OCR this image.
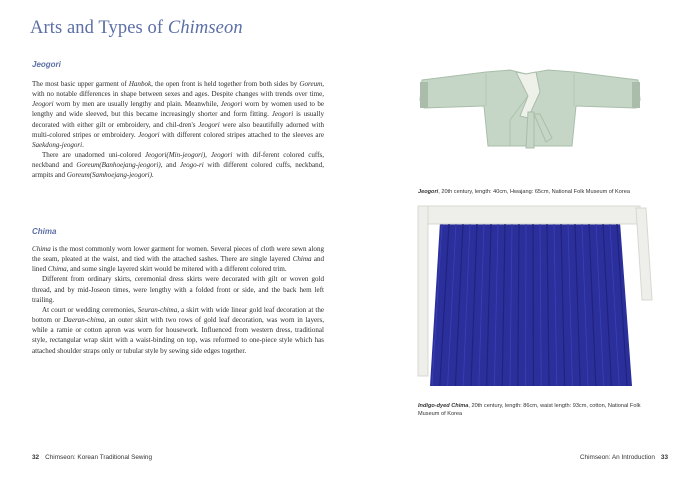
Arts and Types of Chimseon
Jeogori

The most basic upper garment of Hanbok, the open front is held together from both sides by Goreum, with no notable differences in shape between sexes and ages. Despite changes with trends over time, Jeogori worn by men are usually lengthy and plain. Meanwhile, Jeogori worn by women used to be lengthy and wide sleeved, but this became increasingly shorter and form fitting. Jeogori is usually decorated with either gilt or embroidery, and chil-dren's Jeogori were also beautifully adorned with multi-colored stripes or embroidery. Jeogori with different colored stripes attached to the sleeves are Saekdong-jeogori.

There are unadorned uni-colored Jeogori(Min-jeogori), Jeogori with dif-ferent colored cuffs, neckband and Goreum(Banhoejang-jeogori), and Jeogo-ri with different colored cuffs, neckband, armpits and Goreum(Samhoejang-jeogori).

Chima

Chima is the most commonly worn lower garment for women. Several pieces of cloth were sewn along the seam, pleated at the waist, and tied with the attached sashes. There are single layered Chima and lined Chima, and some single layered skirt would be mitered with a different colored trim.

Different from ordinary skirts, ceremonial dress skirts were decorated with gilt or woven gold thread, and by mid-Joseon times, were lengthy with a folded front or side, and the back hem left trailing.

At court or wedding ceremonies, Seuran-chima, a skirt with wide linear gold leaf decoration at the bottom or Daeran-chima, an outer skirt with two rows of gold leaf decoration, was worn in layers, while a ramie or cotton apron was worn for housework. Influenced from western dress, traditional style, rectangular wrap skirt with a waist-binding on top, was reformed to one-piece style which has attached shoulder straps only or tubular style by sewing side edges together.

32 Chimseon: Korean Traditional Sewing
Jeogori, 20th century, length: 40cm, Hwajang: 65cm, National Folk Museum of Korea
Indigo-dyed Chima, 20th century, length: 86cm, waist length: 93cm, cotton, National Folk Museum of Korea
Chimseon: An Introduction 33
